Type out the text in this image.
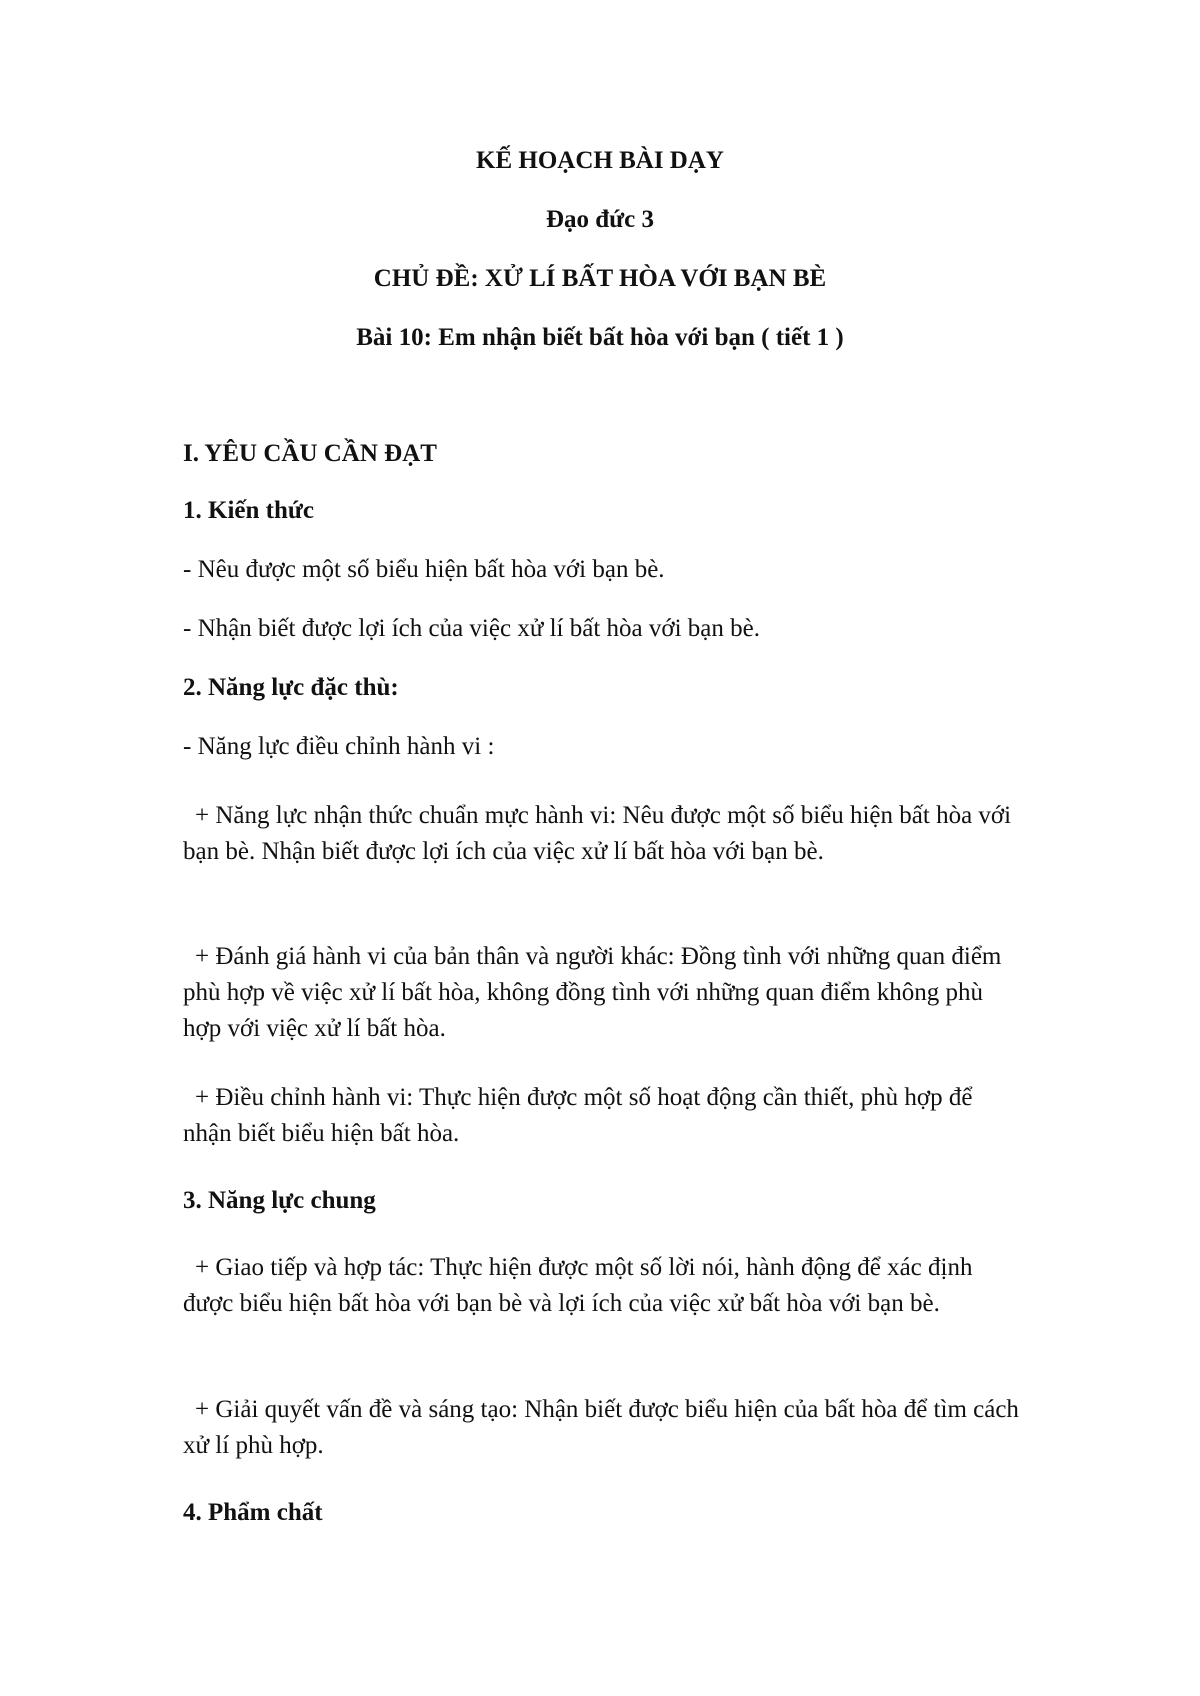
KẾ HOẠCH BÀI DẠY
Đạo đức 3
CHỦ ĐỀ: XỬ LÍ BẤT HÒA VỚI BẠN BÈ
Bài 10: Em nhận biết bất hòa với bạn ( tiết 1 )
I. YÊU CẦU CẦN ĐẠT
1. Kiến thức
- Nêu được một số biểu hiện bất hòa với bạn bè.
- Nhận biết được lợi ích của việc xử lí bất hòa với bạn bè.
2. Năng lực đặc thù:
- Năng lực điều chỉnh hành vi :
+ Năng lực nhận thức chuẩn mực hành vi: Nêu được một số biểu hiện bất hòa với bạn bè. Nhận biết được lợi ích của việc xử lí bất hòa với bạn bè.
+ Đánh giá hành vi của bản thân và người khác: Đồng tình với những quan điểm phù hợp về việc xử lí bất hòa, không đồng tình với những quan điểm không phù hợp với việc xử lí bất hòa.
+ Điều chỉnh hành vi: Thực hiện được một số hoạt động cần thiết, phù hợp để nhận biết biểu hiện bất hòa.
3. Năng lực chung
+ Giao tiếp và hợp tác: Thực hiện được một số lời nói, hành động để xác định được biểu hiện bất hòa với bạn bè và lợi ích của việc xử bất hòa với bạn bè.
+ Giải quyết vấn đề và sáng tạo: Nhận biết được biểu hiện của bất hòa để tìm cách xử lí phù hợp.
4. Phẩm chất
